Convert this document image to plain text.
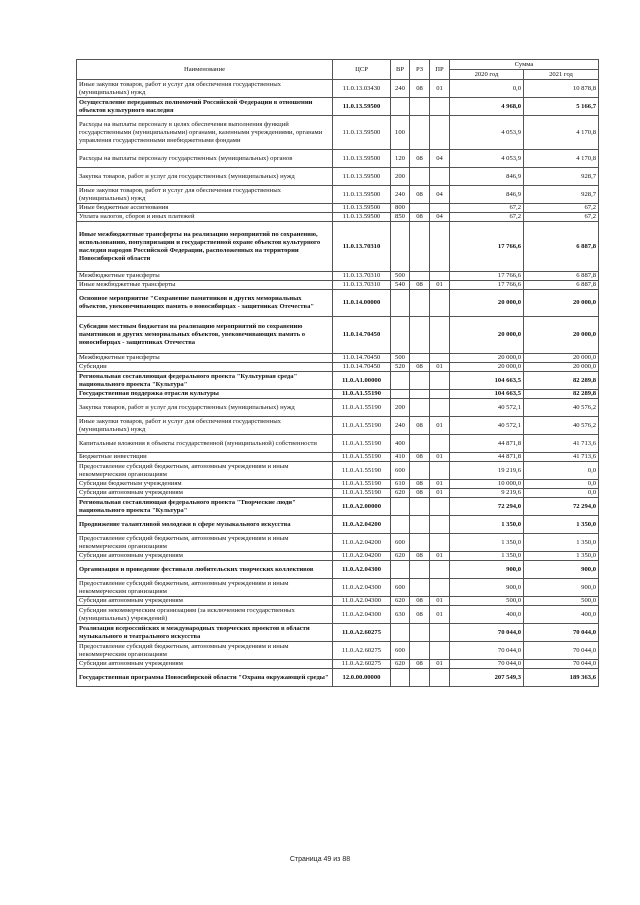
Наименование	ЦСР	ВР	РЗ	ПР	Сумма	
					2020 год	2021 год
Иные закупки товаров, работ и услуг для обеспечения государственных (муниципальных) нужд	11.0.13.03430	240	08	01	0,0	10 878,8
Осуществление переданных полномочий Российской Федерации в отношении объектов культурного наследия	11.0.13.59500				4 968,0	5 166,7
Расходы на выплаты персоналу в целях обеспечения выполнения функций государственными (муниципальными) органами, казенными учреждениями, органами управления государственными внебюджетными фондами	11.0.13.59500	100			4 053,9	4 170,8
Расходы на выплаты персоналу государственных (муниципальных) органов	11.0.13.59500	120	08	04	4 053,9	4 170,8
Закупка товаров, работ и услуг для государственных (муниципальных) нужд	11.0.13.59500	200			846,9	928,7
Иные закупки товаров, работ и услуг для обеспечения государственных (муниципальных) нужд	11.0.13.59500	240	08	04	846,9	928,7
Иные бюджетные ассигнования	11.0.13.59500	800			67,2	67,2
Уплата налогов, сборов и иных платежей	11.0.13.59500	850	08	04	67,2	67,2
Иные межбюджетные трансферты на реализацию мероприятий по сохранению, использованию, популяризации и государственной охране объектов культурного наследия народов Российской Федерации, расположенных на территории Новосибирской области	11.0.13.70310				17 766,6	6 887,8
Межбюджетные трансферты	11.0.13.70310	500			17 766,6	6 887,8
Иные межбюджетные трансферты	11.0.13.70310	540	08	01	17 766,6	6 887,8
Основное мероприятие "Сохранение памятников и других мемориальных объектов, увековечивающих память о новосибирцах - защитниках Отечества"	11.0.14.00000				20 000,0	20 000,0
Субсидии местным бюджетам на реализацию мероприятий по сохранению памятников и других мемориальных объектов, увековечивающих память о новосибирцах - защитниках Отечества	11.0.14.70450				20 000,0	20 000,0
Межбюджетные трансферты	11.0.14.70450	500			20 000,0	20 000,0
Субсидии	11.0.14.70450	520	08	01	20 000,0	20 000,0
Региональная составляющая федерального проекта "Культурная среда" национального проекта "Культура"	11.0.A1.00000				104 663,5	82 289,8
Государственная поддержка отрасли культуры	11.0.A1.55190				104 663,5	82 289,8
Закупка товаров, работ и услуг для государственных (муниципальных) нужд	11.0.A1.55190	200			40 572,1	40 576,2
Иные закупки товаров, работ и услуг для обеспечения государственных (муниципальных) нужд	11.0.A1.55190	240	08	01	40 572,1	40 576,2
Капитальные вложения в объекты государственной (муниципальной) собственности	11.0.A1.55190	400			44 871,8	41 713,6
Бюджетные инвестиции	11.0.A1.55190	410	08	01	44 871,8	41 713,6
Предоставление субсидий бюджетным, автономным учреждениям и иным некоммерческим организациям	11.0.A1.55190	600			19 219,6	0,0
Субсидии бюджетным учреждениям	11.0.A1.55190	610	08	01	10 000,0	0,0
Субсидии автономным учреждениям	11.0.A1.55190	620	08	01	9 219,6	0,0
Региональная составляющая федерального проекта "Творческие люди" национального проекта "Культура"	11.0.A2.00000				72 294,0	72 294,0
Продвижение талантливой молодежи в сфере музыкального искусства	11.0.A2.04200				1 350,0	1 350,0
Предоставление субсидий бюджетным, автономным учреждениям и иным некоммерческим организациям	11.0.A2.04200	600			1 350,0	1 350,0
Субсидии автономным учреждениям	11.0.A2.04200	620	08	01	1 350,0	1 350,0
Организация и проведение фестиваля любительских творческих коллективов	11.0.A2.04300				900,0	900,0
Предоставление субсидий бюджетным, автономным учреждениям и иным некоммерческим организациям	11.0.A2.04300	600			900,0	900,0
Субсидии автономным учреждениям	11.0.A2.04300	620	08	01	500,0	500,0
Субсидии некоммерческим организациям (за исключением государственных (муниципальных) учреждений)	11.0.A2.04300	630	08	01	400,0	400,0
Реализация всероссийских и международных творческих проектов в области музыкального и театрального искусства	11.0.A2.60275				70 044,0	70 044,0
Предоставление субсидий бюджетным, автономным учреждениям и иным некоммерческим организациям	11.0.A2.60275	600			70 044,0	70 044,0
Субсидии автономным учреждениям	11.0.A2.60275	620	08	01	70 044,0	70 044,0
Государственная программа Новосибирской области "Охрана окружающей среды"	12.0.00.00000				207 549,3	189 363,6
Страница 49 из 88
